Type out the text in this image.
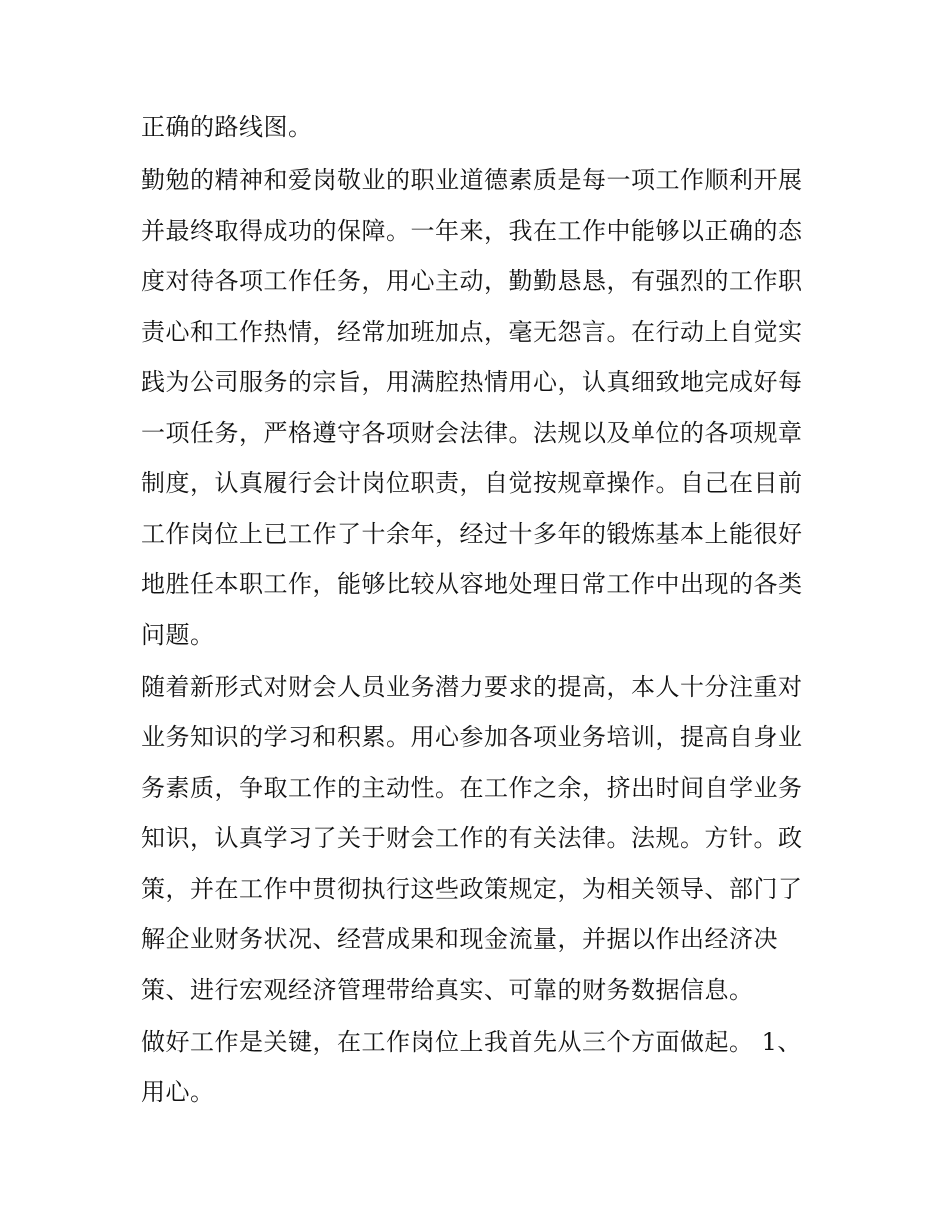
正确的路线图。

勤勉的精神和爱岗敬业的职业道德素质是每一项工作顺利开展

并最终取得成功的保障。一年来，我在工作中能够以正确的态

度对待各项工作任务，用心主动，勤勤恳恳，有强烈的工作职

责心和工作热情，经常加班加点，毫无怨言。在行动上自觉实

践为公司服务的宗旨，用满腔热情用心，认真细致地完成好每

一项任务，严格遵守各项财会法律。法规以及单位的各项规章

制度，认真履行会计岗位职责，自觉按规章操作。自己在目前

工作岗位上已工作了十余年，经过十多年的锻炼基本上能很好

地胜任本职工作，能够比较从容地处理日常工作中出现的各类

问题。

随着新形式对财会人员业务潜力要求的提高，本人十分注重对

业务知识的学习和积累。用心参加各项业务培训，提高自身业

务素质，争取工作的主动性。在工作之余，挤出时间自学业务

知识，认真学习了关于财会工作的有关法律。法规。方针。政

策，并在工作中贯彻执行这些政策规定，为相关领导、部门了

解企业财务状况、经营成果和现金流量，并据以作出经济决

策、进行宏观经济管理带给真实、可靠的财务数据信息。

做好工作是关键，在工作岗位上我首先从三个方面做起。 1、

用心。
